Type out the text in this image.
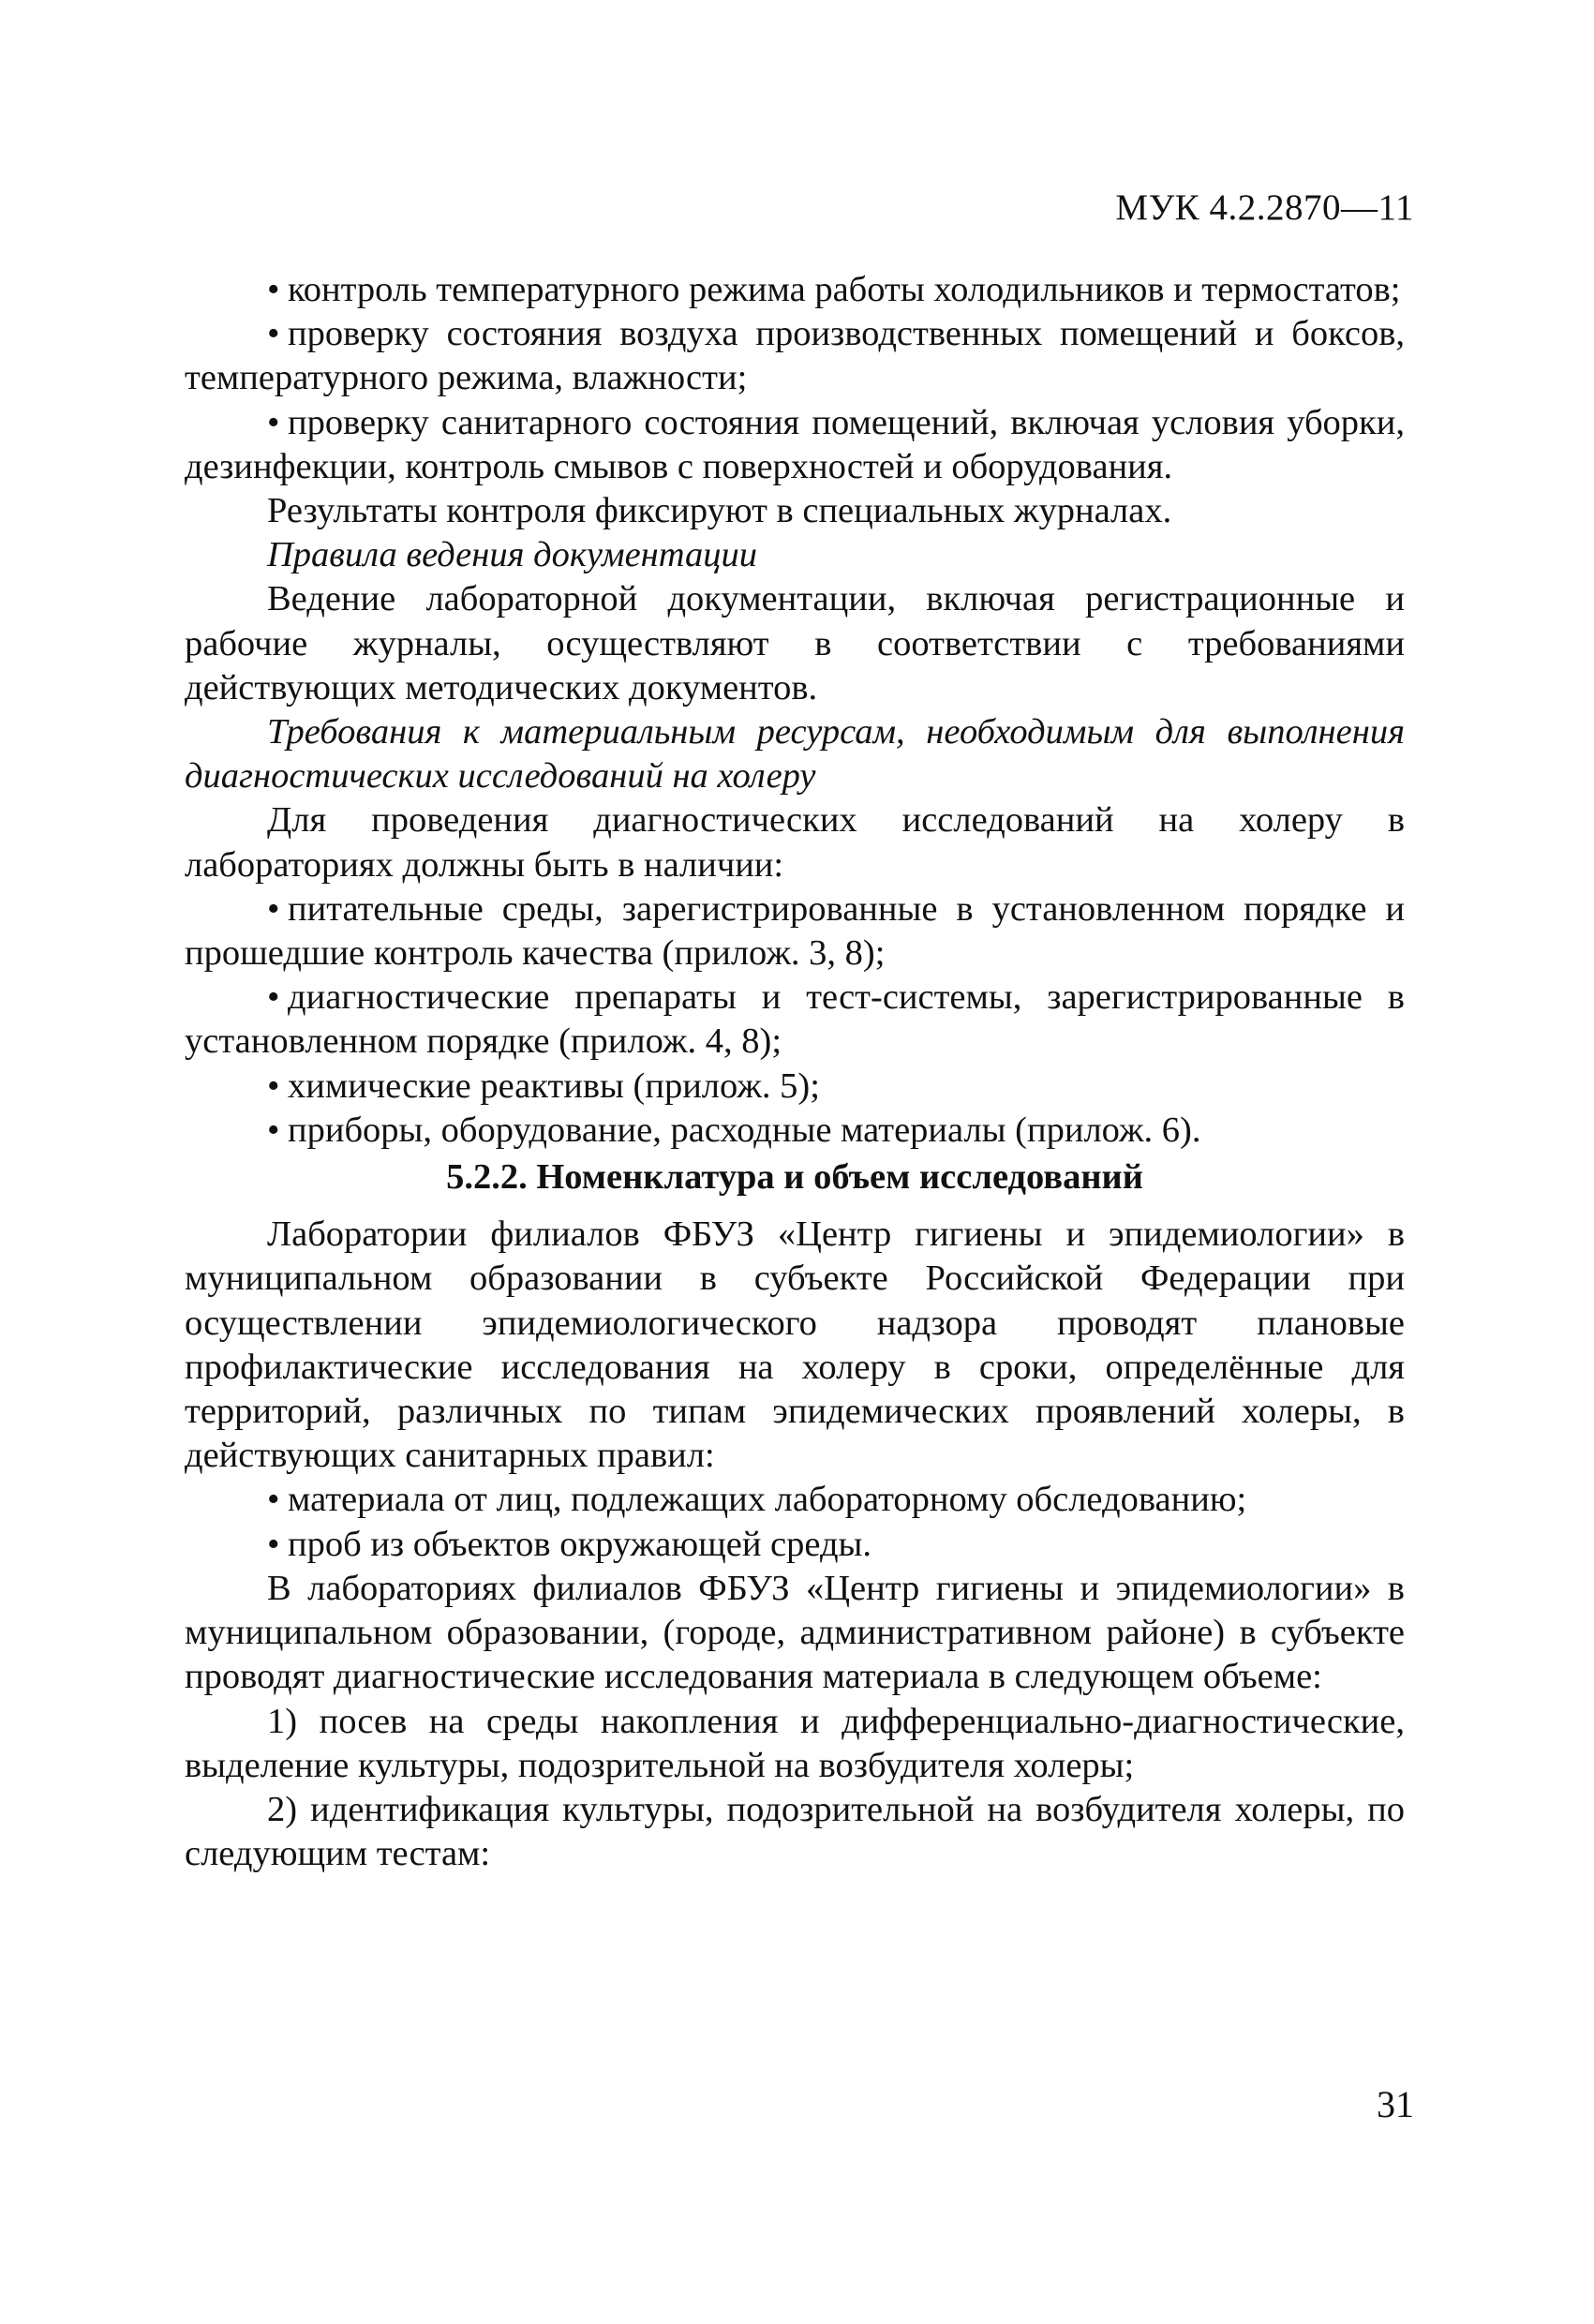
МУК 4.2.2870—11

• контроль температурного режима работы холодильников и термостатов;

• проверку состояния воздуха производственных помещений и боксов, температурного режима, влажности;

• проверку санитарного состояния помещений, включая условия уборки, дезинфекции, контроль смывов с поверхностей и оборудования.

Результаты контроля фиксируют в специальных журналах.

Правила ведения документации

Ведение лабораторной документации, включая регистрационные и рабочие журналы, осуществляют в соответствии с требованиями действующих методических документов.

Требования к материальным ресурсам, необходимым для выполнения диагностических исследований на холеру

Для проведения диагностических исследований на холеру в лабораториях должны быть в наличии:

• питательные среды, зарегистрированные в установленном порядке и прошедшие контроль качества (прилож. 3, 8);

• диагностические препараты и тест-системы, зарегистрированные в установленном порядке (прилож. 4, 8);

• химические реактивы (прилож. 5);

• приборы, оборудование, расходные материалы (прилож. 6).

5.2.2. Номенклатура и объем исследований

Лаборатории филиалов ФБУЗ «Центр гигиены и эпидемиологии» в муниципальном образовании в субъекте Российской Федерации при осуществлении эпидемиологического надзора проводят плановые профилактические исследования на холеру в сроки, определённые для территорий, различных по типам эпидемических проявлений холеры, в действующих санитарных правил:

• материала от лиц, подлежащих лабораторному обследованию;

• проб из объектов окружающей среды.

В лабораториях филиалов ФБУЗ «Центр гигиены и эпидемиологии» в муниципальном образовании, (городе, административном районе) в субъекте проводят диагностические исследования материала в следующем объеме:

1) посев на среды накопления и дифференциально-диагностические, выделение культуры, подозрительной на возбудителя холеры;

2) идентификация культуры, подозрительной на возбудителя холеры, по следующим тестам:

31
